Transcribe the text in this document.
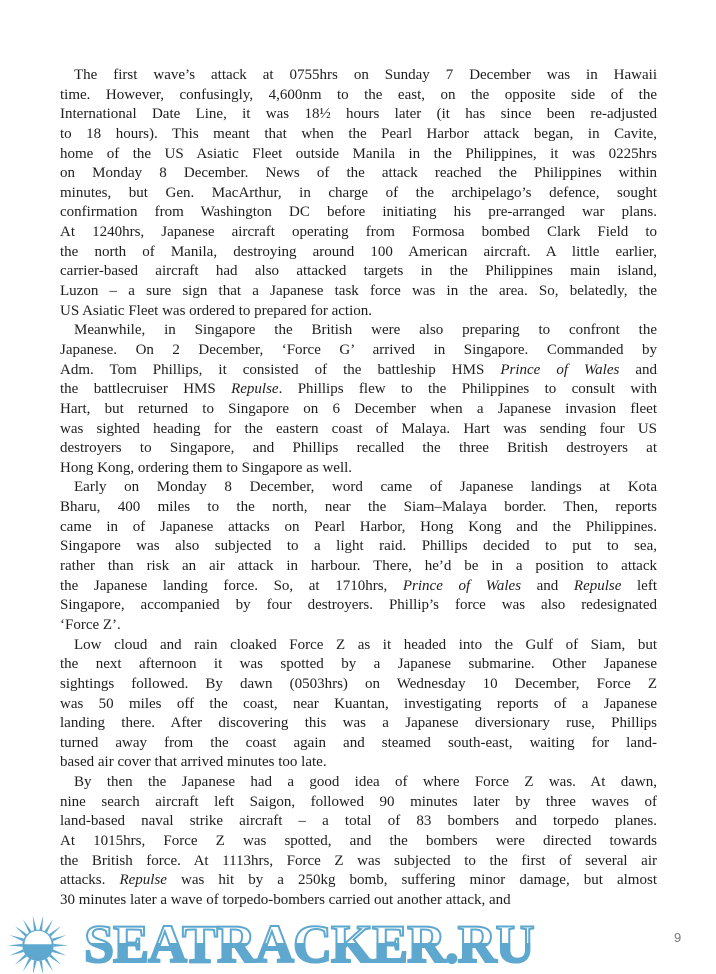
The first wave’s attack at 0755hrs on Sunday 7 December was in Hawaii
time. However, confusingly, 4,600nm to the east, on the opposite side of the
International Date Line, it was 18½ hours later (it has since been re-adjusted
to 18 hours). This meant that when the Pearl Harbor attack began, in Cavite,
home of the US Asiatic Fleet outside Manila in the Philippines, it was 0225hrs
on Monday 8 December. News of the attack reached the Philippines within
minutes, but Gen. MacArthur, in charge of the archipelago’s defence, sought
confirmation from Washington DC before initiating his pre-arranged war plans.
At 1240hrs, Japanese aircraft operating from Formosa bombed Clark Field to
the north of Manila, destroying around 100 American aircraft. A little earlier,
carrier-based aircraft had also attacked targets in the Philippines main island,
Luzon – a sure sign that a Japanese task force was in the area. So, belatedly, the
US Asiatic Fleet was ordered to prepared for action.
Meanwhile, in Singapore the British were also preparing to confront the
Japanese. On 2 December, ‘Force G’ arrived in Singapore. Commanded by
Adm. Tom Phillips, it consisted of the battleship HMS Prince of Wales and
the battlecruiser HMS Repulse. Phillips flew to the Philippines to consult with
Hart, but returned to Singapore on 6 December when a Japanese invasion fleet
was sighted heading for the eastern coast of Malaya. Hart was sending four US
destroyers to Singapore, and Phillips recalled the three British destroyers at
Hong Kong, ordering them to Singapore as well.
Early on Monday 8 December, word came of Japanese landings at Kota
Bharu, 400 miles to the north, near the Siam–Malaya border. Then, reports
came in of Japanese attacks on Pearl Harbor, Hong Kong and the Philippines.
Singapore was also subjected to a light raid. Phillips decided to put to sea,
rather than risk an air attack in harbour. There, he’d be in a position to attack
the Japanese landing force. So, at 1710hrs, Prince of Wales and Repulse left
Singapore, accompanied by four destroyers. Phillip’s force was also redesignated
‘Force Z’.
Low cloud and rain cloaked Force Z as it headed into the Gulf of Siam, but
the next afternoon it was spotted by a Japanese submarine. Other Japanese
sightings followed. By dawn (0503hrs) on Wednesday 10 December, Force Z
was 50 miles off the coast, near Kuantan, investigating reports of a Japanese
landing there. After discovering this was a Japanese diversionary ruse, Phillips
turned away from the coast again and steamed south-east, waiting for land-
based air cover that arrived minutes too late.
By then the Japanese had a good idea of where Force Z was. At dawn,
nine search aircraft left Saigon, followed 90 minutes later by three waves of
land-based naval strike aircraft – a total of 83 bombers and torpedo planes.
At 1015hrs, Force Z was spotted, and the bombers were directed towards
the British force. At 1113hrs, Force Z was subjected to the first of several air
attacks. Repulse was hit by a 250kg bomb, suffering minor damage, but almost
30 minutes later a wave of torpedo-bombers carried out another attack, and
9
SEATRACKER.RU
